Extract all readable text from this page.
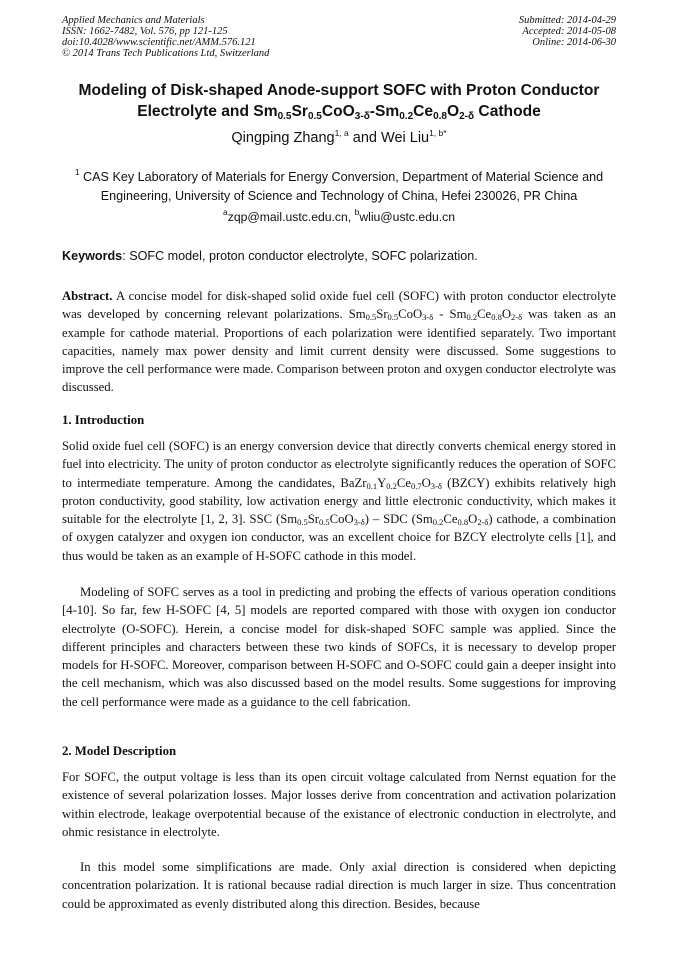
Applied Mechanics and Materials
ISSN: 1662-7482, Vol. 576, pp 121-125
doi:10.4028/www.scientific.net/AMM.576.121
© 2014 Trans Tech Publications Ltd, Switzerland
Submitted: 2014-04-29
Accepted: 2014-05-08
Online: 2014-06-30
Modeling of Disk-shaped Anode-support SOFC with Proton Conductor
Electrolyte and $Sm_{0.5}Sr_{0.5}CoO_{3-\delta}-Sm_{0.2}Ce_{0.8}O_{2-\delta}$ Cathode
Qingping Zhang$^{1, a}$ and Wei Liu$^{1, b*}$
$^1$ CAS Key Laboratory of Materials for Energy Conversion, Department of Material Science and Engineering, University of Science and Technology of China, Hefei 230026, PR China
$^a$zqp@mail.ustc.edu.cn, $^b$wliu@ustc.edu.cn
Keywords: SOFC model, proton conductor electrolyte, SOFC polarization.

Abstract. A concise model for disk-shaped solid oxide fuel cell (SOFC) with proton conductor electrolyte was developed by concerning relevant polarizations. $Sm_{0.5}Sr_{0.5}CoO_{3-\delta} - Sm_{0.2}Ce_{0.8}O_{2-\delta}$ was taken as an example for cathode material. Proportions of each polarization were identified separately. Two important capacities, namely max power density and limit current density were discussed. Some suggestions to improve the cell performance were made. Comparison between proton and oxygen conductor electrolyte was discussed.

1. Introduction

Solid oxide fuel cell (SOFC) is an energy conversion device that directly converts chemical energy stored in fuel into electricity. The unity of proton conductor as electrolyte significantly reduces the operation of SOFC to intermediate temperature. Among the candidates, $BaZr_{0.1}Y_{0.2}Ce_{0.7}O_{3-\delta}$ (BZCY) exhibits relatively high proton conductivity, good stability, low activation energy and little electronic conductivity, which makes it suitable for the electrolyte [1, 2, 3]. SSC $(Sm_{0.5}Sr_{0.5}CoO_{3-\delta})$ – SDC $(Sm_{0.2}Ce_{0.8}O_{2-\delta})$ cathode, a combination of oxygen catalyzer and oxygen ion conductor, was an excellent choice for BZCY electrolyte cells [1], and thus would be taken as an example of H-SOFC cathode in this model.

Modeling of SOFC serves as a tool in predicting and probing the effects of various operation conditions [4-10]. So far, few H-SOFC [4, 5] models are reported compared with those with oxygen ion conductor electrolyte (O-SOFC). Herein, a concise model for disk-shaped SOFC sample was applied. Since the different principles and characters between these two kinds of SOFCs, it is necessary to develop proper models for H-SOFC. Moreover, comparison between H-SOFC and O-SOFC could gain a deeper insight into the cell mechanism, which was also discussed based on the model results. Some suggestions for improving the cell performance were made as a guidance to the cell fabrication.

2. Model Description

For SOFC, the output voltage is less than its open circuit voltage calculated from Nernst equation for the existence of several polarization losses. Major losses derive from concentration and activation polarization within electrode, leakage overpotential because of the existance of electronic conduction in electrolyte, and ohmic resistance in electrolyte.

In this model some simplifications are made. Only axial direction is considered when depicting concentration polarization. It is rational because radial direction is much larger in size. Thus concentration could be approximated as evenly distributed along this direction. Besides, because
